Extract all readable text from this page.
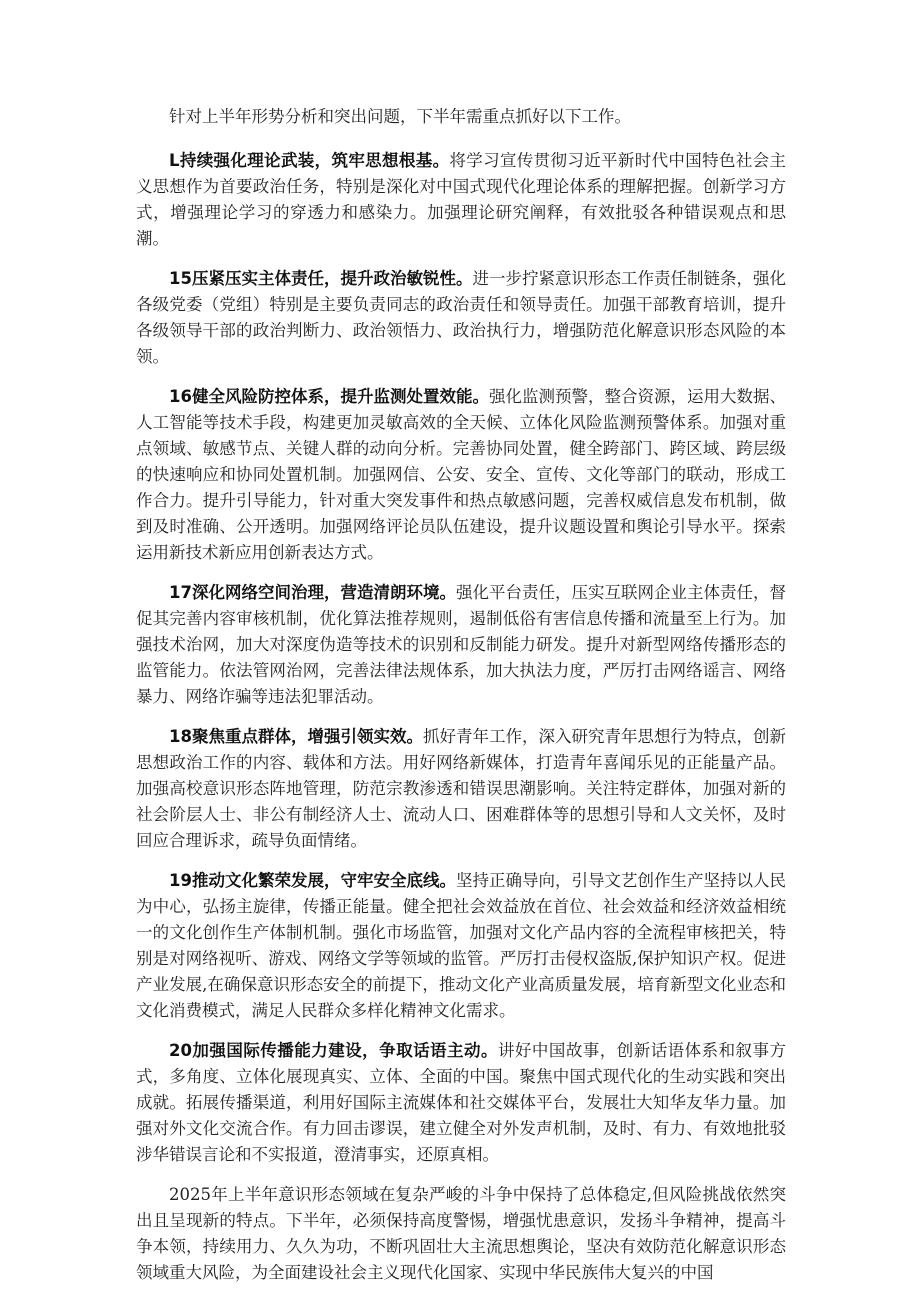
针对上半年形势分析和突出问题，下半年需重点抓好以下工作。

L持续强化理论武装，筑牢思想根基。将学习宣传贯彻习近平新时代中国特色社会主义思想作为首要政治任务，特别是深化对中国式现代化理论体系的理解把握。创新学习方式，增强理论学习的穿透力和感染力。加强理论研究阐释，有效批驳各种错误观点和思潮。

15压紧压实主体责任，提升政治敏锐性。进一步拧紧意识形态工作责任制链条，强化各级党委（党组）特别是主要负责同志的政治责任和领导责任。加强干部教育培训，提升各级领导干部的政治判断力、政治领悟力、政治执行力，增强防范化解意识形态风险的本领。

16健全风险防控体系，提升监测处置效能。强化监测预警，整合资源，运用大数据、人工智能等技术手段，构建更加灵敏高效的全天候、立体化风险监测预警体系。加强对重点领域、敏感节点、关键人群的动向分析。完善协同处置，健全跨部门、跨区域、跨层级的快速响应和协同处置机制。加强网信、公安、安全、宣传、文化等部门的联动，形成工作合力。提升引导能力，针对重大突发事件和热点敏感问题，完善权威信息发布机制，做到及时准确、公开透明。加强网络评论员队伍建设，提升议题设置和舆论引导水平。探索运用新技术新应用创新表达方式。

17深化网络空间治理，营造清朗环境。强化平台责任，压实互联网企业主体责任，督促其完善内容审核机制，优化算法推荐规则，遏制低俗有害信息传播和流量至上行为。加强技术治网，加大对深度伪造等技术的识别和反制能力研发。提升对新型网络传播形态的监管能力。依法管网治网，完善法律法规体系，加大执法力度，严厉打击网络谣言、网络暴力、网络诈骗等违法犯罪活动。

18聚焦重点群体，增强引领实效。抓好青年工作，深入研究青年思想行为特点，创新思想政治工作的内容、载体和方法。用好网络新媒体，打造青年喜闻乐见的正能量产品。加强高校意识形态阵地管理，防范宗教渗透和错误思潮影响。关注特定群体，加强对新的社会阶层人士、非公有制经济人士、流动人口、困难群体等的思想引导和人文关怀，及时回应合理诉求，疏导负面情绪。

19推动文化繁荣发展，守牢安全底线。坚持正确导向，引导文艺创作生产坚持以人民为中心，弘扬主旋律，传播正能量。健全把社会效益放在首位、社会效益和经济效益相统一的文化创作生产体制机制。强化市场监管，加强对文化产品内容的全流程审核把关，特别是对网络视听、游戏、网络文学等领域的监管。严厉打击侵权盗版,保护知识产权。促进产业发展,在确保意识形态安全的前提下，推动文化产业高质量发展，培育新型文化业态和文化消费模式，满足人民群众多样化精神文化需求。

20加强国际传播能力建设，争取话语主动。讲好中国故事，创新话语体系和叙事方式，多角度、立体化展现真实、立体、全面的中国。聚焦中国式现代化的生动实践和突出成就。拓展传播渠道，利用好国际主流媒体和社交媒体平台，发展壮大知华友华力量。加强对外文化交流合作。有力回击谬误，建立健全对外发声机制，及时、有力、有效地批驳涉华错误言论和不实报道，澄清事实，还原真相。

2025年上半年意识形态领域在复杂严峻的斗争中保持了总体稳定,但风险挑战依然突出且呈现新的特点。下半年，必须保持高度警惕，增强忧患意识，发扬斗争精神，提高斗争本领，持续用力、久久为功，不断巩固壮大主流思想舆论，坚决有效防范化解意识形态领域重大风险，为全面建设社会主义现代化国家、实现中华民族伟大复兴的中国
